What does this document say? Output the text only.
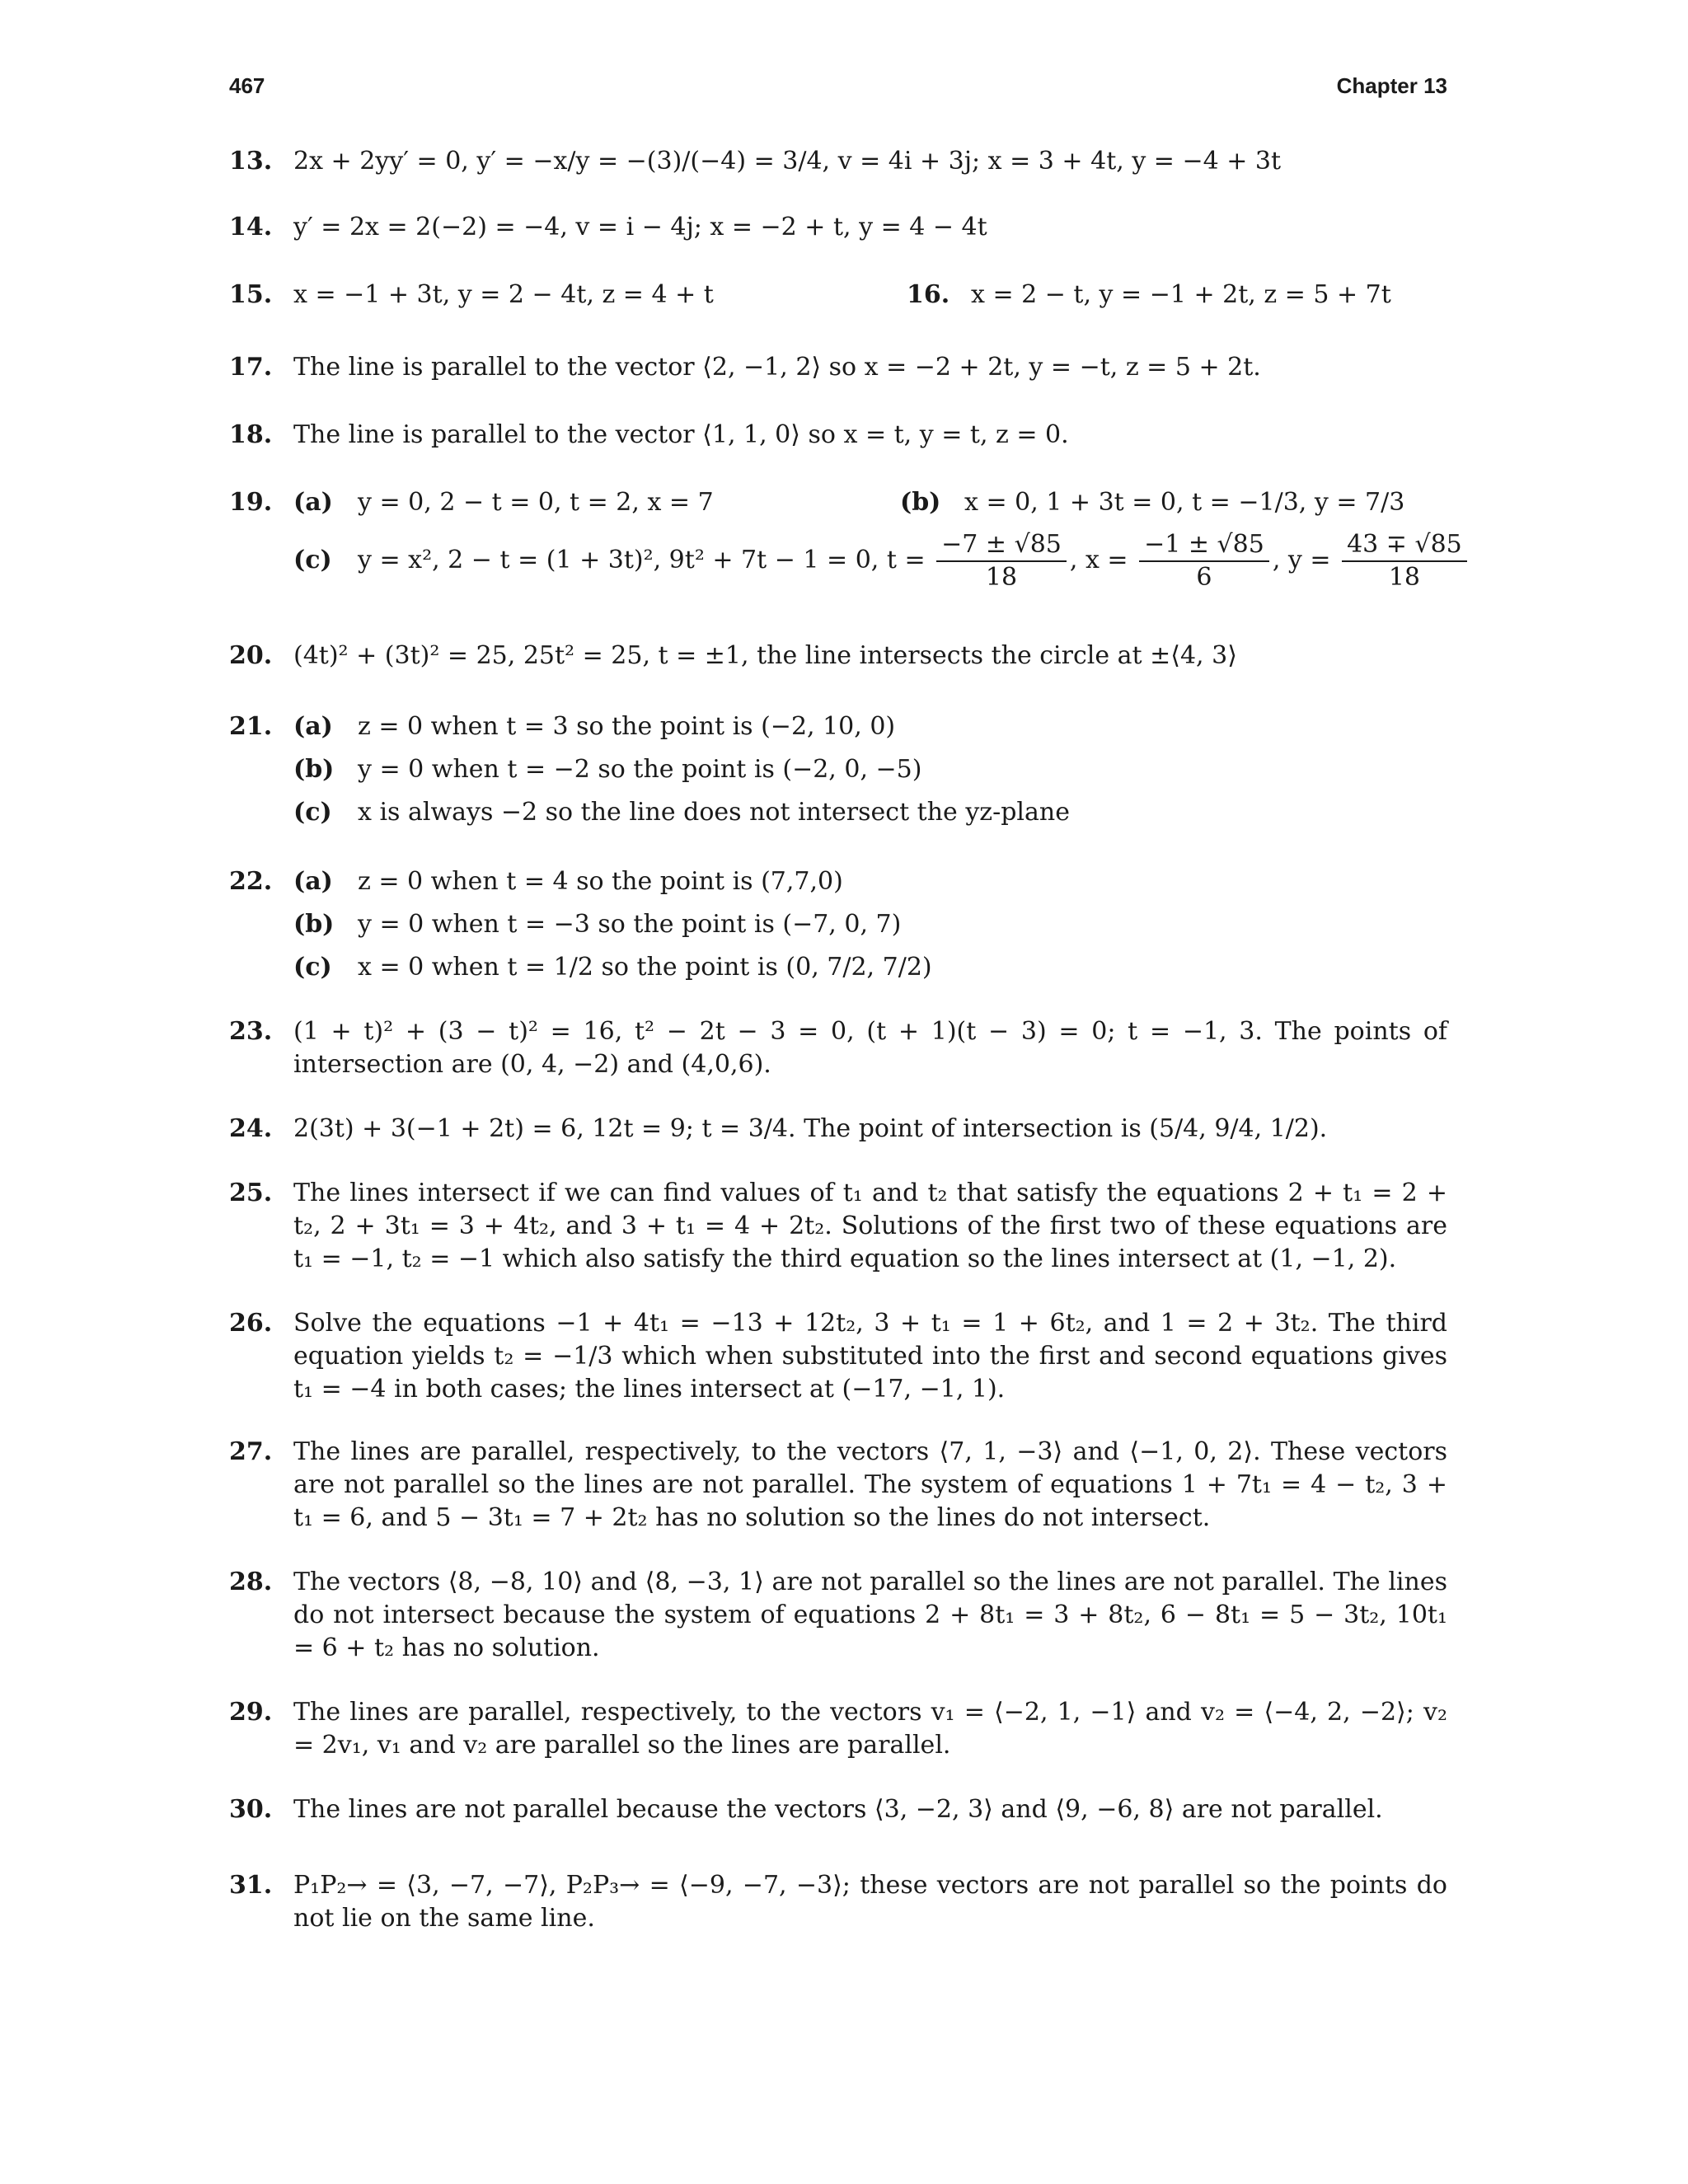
467	Chapter 13
13. 2x + 2yy′ = 0, y′ = −x/y = −(3)/(−4) = 3/4, v = 4i + 3j; x = 3 + 4t, y = −4 + 3t
14. y′ = 2x = 2(−2) = −4, v = i − 4j; x = −2 + t, y = 4 − 4t
15. x = −1 + 3t, y = 2 − 4t, z = 4 + t	16. x = 2 − t, y = −1 + 2t, z = 5 + 7t
17. The line is parallel to the vector ⟨2, −1, 2⟩ so x = −2 + 2t, y = −t, z = 5 + 2t.
18. The line is parallel to the vector ⟨1, 1, 0⟩ so x = t, y = t, z = 0.
19. (a) y = 0, 2 − t = 0, t = 2, x = 7	(b) x = 0, 1 + 3t = 0, t = −1/3, y = 7/3
(c) y = x², 2 − t = (1 + 3t)², 9t² + 7t − 1 = 0, $t = \frac{-7 \pm √85}{18}$ , $x = \frac{-1 \pm √85}{6}$ , $y = \frac{43 \mp √85}{18}$
20. (4t)² + (3t)² = 25, 25t² = 25, t = ±1, the line intersects the circle at ±⟨4, 3⟩
21. (a) z = 0 when t = 3 so the point is (−2, 10, 0)
(b) y = 0 when t = −2 so the point is (−2, 0, −5)
(c) x is always −2 so the line does not intersect the yz-plane
22. (a) z = 0 when t = 4 so the point is (7,7,0)
(b) y = 0 when t = −3 so the point is (−7, 0, 7)
(c) x = 0 when t = 1/2 so the point is (0, 7/2, 7/2)
23. (1 + t)² + (3 − t)² = 16, t² − 2t − 3 = 0, (t + 1)(t − 3) = 0; t = −1, 3. The points of intersection are (0, 4, −2) and (4,0,6).
24. 2(3t) + 3(−1 + 2t) = 6, 12t = 9; t = 3/4. The point of intersection is (5/4, 9/4, 1/2).
25. The lines intersect if we can find values of t₁ and t₂ that satisfy the equations 2 + t₁ = 2 + t₂, 2 + 3t₁ = 3 + 4t₂, and 3 + t₁ = 4 + 2t₂. Solutions of the first two of these equations are t₁ = −1, t₂ = −1 which also satisfy the third equation so the lines intersect at (1, −1, 2).
26. Solve the equations −1 + 4t₁ = −13 + 12t₂, 3 + t₁ = 1 + 6t₂, and 1 = 2 + 3t₂. The third equation yields t₂ = −1/3 which when substituted into the first and second equations gives t₁ = −4 in both cases; the lines intersect at (−17, −1, 1).
27. The lines are parallel, respectively, to the vectors ⟨7, 1, −3⟩ and ⟨−1, 0, 2⟩. These vectors are not parallel so the lines are not parallel. The system of equations 1 + 7t₁ = 4 − t₂, 3 + t₁ = 6, and 5 − 3t₁ = 7 + 2t₂ has no solution so the lines do not intersect.
28. The vectors ⟨8, −8, 10⟩ and ⟨8, −3, 1⟩ are not parallel so the lines are not parallel. The lines do not intersect because the system of equations 2 + 8t₁ = 3 + 8t₂, 6 − 8t₁ = 5 − 3t₂, 10t₁ = 6 + t₂ has no solution.
29. The lines are parallel, respectively, to the vectors v₁ = ⟨−2, 1, −1⟩ and v₂ = ⟨−4, 2, −2⟩; v₂ = 2v₁, v₁ and v₂ are parallel so the lines are parallel.
30. The lines are not parallel because the vectors ⟨3, −2, 3⟩ and ⟨9, −6, 8⟩ are not parallel.
31. P₁P₂→ = ⟨3, −7, −7⟩, P₂P₃→ = ⟨−9, −7, −3⟩; these vectors are not parallel so the points do not lie on the same line.
